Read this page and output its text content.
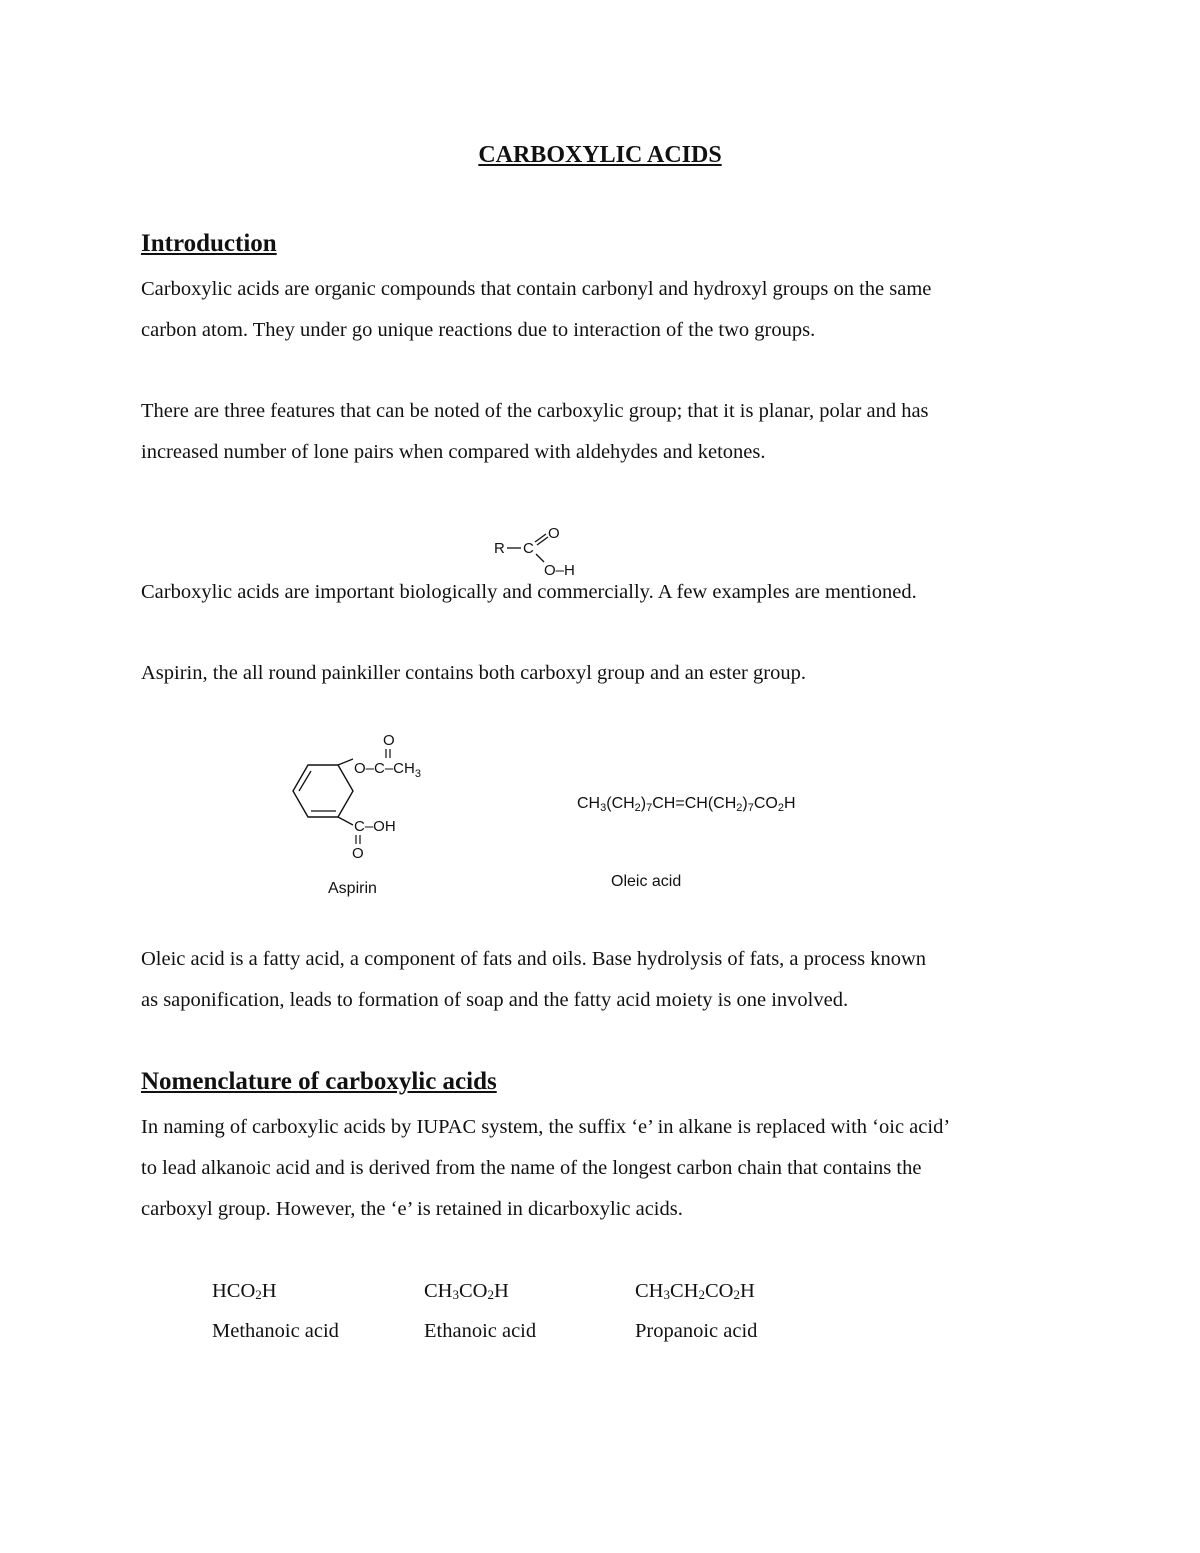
CARBOXYLIC ACIDS
Introduction
Carboxylic acids are organic compounds that contain carbonyl and hydroxyl groups on the same
carbon atom. They under go unique reactions due to interaction of the two groups.
There are three features that can be noted of the carboxylic group; that it is planar, polar and has
increased number of lone pairs when compared with aldehydes and ketones.
R C
O
O–H
Carboxylic acids are important biologically and commercially. A few examples are mentioned.
Aspirin, the all round painkiller contains both carboxyl group and an ester group.
O
$O-C-CH_3$
C–OH
O
Aspirin
$CH_3(CH_2)_7CH=CH(CH_2)_7CO_2H$
Oleic acid
Oleic acid is a fatty acid, a component of fats and oils. Base hydrolysis of fats, a process known
as saponification, leads to formation of soap and the fatty acid moiety is one involved.
Nomenclature of carboxylic acids
In naming of carboxylic acids by IUPAC system, the suffix ‘e’ in alkane is replaced with ‘oic acid’
to lead alkanoic acid and is derived from the name of the longest carbon chain that contains the
carboxyl group. However, the ‘e’ is retained in dicarboxylic acids.
$HCO_2H$	$CH_3CO_2H$	$CH_3CH_2CO_2H$
Methanoic acid	Ethanoic acid	Propanoic acid
